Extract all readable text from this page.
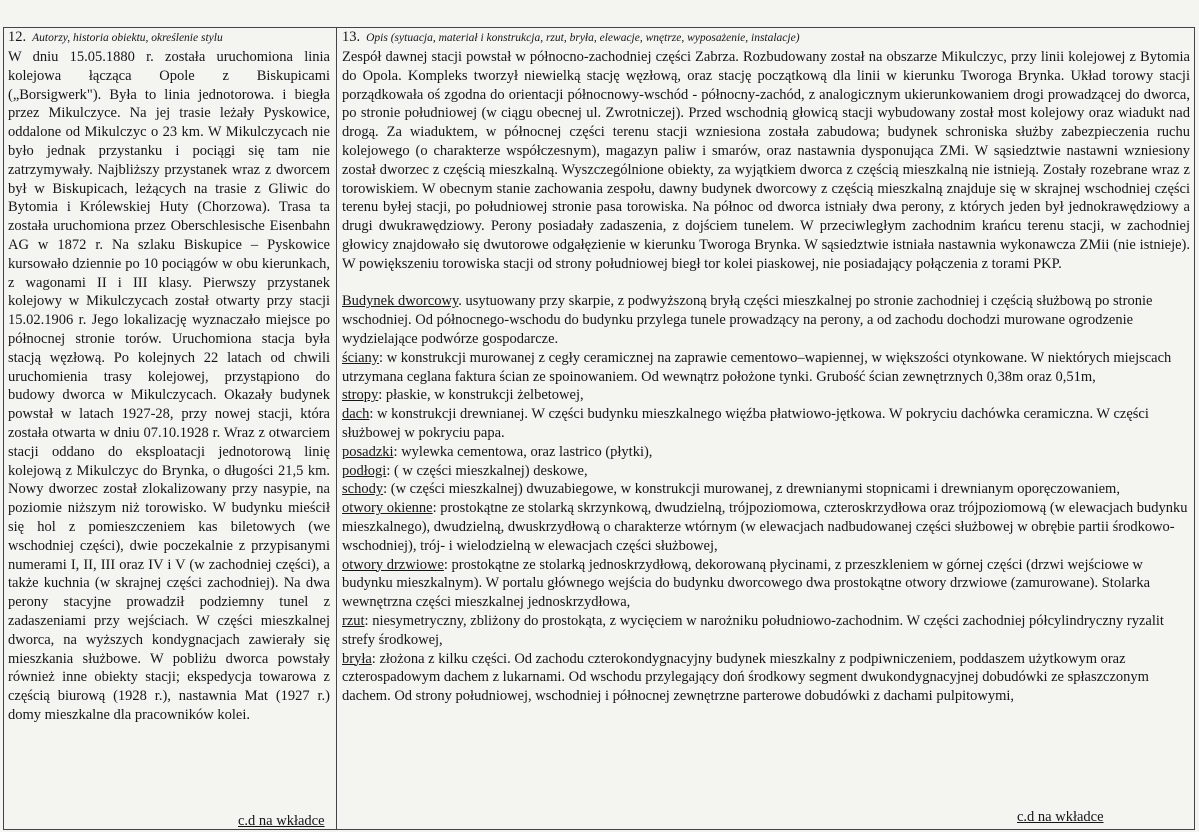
12. Autorzy, historia obiektu, określenie stylu

W dniu 15.05.1880 r. została uruchomiona linia kolejowa łącząca Opole z Biskupicami („Borsigwerk"). Była to linia jednotorowa. i biegła przez Mikulczyce. Na jej trasie leżały Pyskowice, oddalone od Mikulczyc o 23 km. W Mikulczycach nie było jednak przystanku i pociągi się tam nie zatrzymywały. Najbliższy przystanek wraz z dworcem był w Biskupicach, leżących na trasie z Gliwic do Bytomia i Królewskiej Huty (Chorzowa). Trasa ta została uruchomiona przez Oberschlesische Eisenbahn AG w 1872 r. Na szlaku Biskupice – Pyskowice kursowało dziennie po 10 pociągów w obu kierunkach, z wagonami II i III klasy. Pierwszy przystanek kolejowy w Mikulczycach został otwarty przy stacji 15.02.1906 r. Jego lokalizację wyznaczało miejsce po północnej stronie torów. Uruchomiona stacja była stacją węzłową. Po kolejnych 22 latach od chwili uruchomienia trasy kolejowej, przystąpiono do budowy dworca w Mikulczycach. Okazały budynek powstał w latach 1927-28, przy nowej stacji, która została otwarta w dniu 07.10.1928 r. Wraz z otwarciem stacji oddano do eksploatacji jednotorową linię kolejową z Mikulczyc do Brynka, o długości 21,5 km. Nowy dworzec został zlokalizowany przy nasypie, na poziomie niższym niż torowisko. W budynku mieścił się hol z pomieszczeniem kas biletowych (we wschodniej części), dwie poczekalnie z przypisanymi numerami I, II, III oraz IV i V (w zachodniej części), a także kuchnia (w skrajnej części zachodniej). Na dwa perony stacyjne prowadził podziemny tunel z zadaszeniami przy wejściach. W części mieszkalnej dworca, na wyższych kondygnacjach zawierały się mieszkania służbowe. W pobliżu dworca powstały również inne obiekty stacji; ekspedycja towarowa z częścią biurową (1928 r.), nastawnia Mat (1927 r.) domy mieszkalne dla pracowników kolei.

c.d na wkładce
13. Opis (sytuacja, materiał i konstrukcja, rzut, bryła, elewacje, wnętrze, wyposażenie, instalacje)

Zespół dawnej stacji powstał w północno-zachodniej części Zabrza. Rozbudowany został na obszarze Mikulczyc, przy linii kolejowej z Bytomia do Opola. Kompleks tworzył niewielką stację węzłową, oraz stację początkową dla linii w kierunku Tworoga Brynka. Układ torowy stacji porządkowała oś zgodna do orientacji północnowy-wschód - północny-zachód, z analogicznym ukierunkowaniem drogi prowadzącej do dworca, po stronie południowej (w ciągu obecnej ul. Zwrotniczej). Przed wschodnią głowicą stacji wybudowany został most kolejowy oraz wiadukt nad drogą. Za wiaduktem, w północnej części terenu stacji wzniesiona została zabudowa; budynek schroniska służby zabezpieczenia ruchu kolejowego (o charakterze współczesnym), magazyn paliw i smarów, oraz nastawnia dysponująca ZMi. W sąsiedztwie nastawni wzniesiony został dworzec z częścią mieszkalną. Wyszczególnione obiekty, za wyjątkiem dworca z częścią mieszkalną nie istnieją. Zostały rozebrane wraz z torowiskiem. W obecnym stanie zachowania zespołu, dawny budynek dworcowy z częścią mieszkalną znajduje się w skrajnej wschodniej części terenu byłej stacji, po południowej stronie pasa torowiska. Na północ od dworca istniały dwa perony, z których jeden był jednokrawędziowy a drugi dwukrawędziowy. Perony posiadały zadaszenia, z dojściem tunelem. W przeciwległym zachodnim krańcu terenu stacji, w zachodniej głowicy znajdowało się dwutorowe odgałęzienie w kierunku Tworoga Brynka. W sąsiedztwie istniała nastawnia wykonawcza ZMii (nie istnieje). W powiększeniu torowiska stacji od strony południowej biegł tor kolei piaskowej, nie posiadający połączenia z torami PKP.

Budynek dworcowy. usytuowany przy skarpie, z podwyższoną bryłą części mieszkalnej po stronie zachodniej i częścią służbową po stronie wschodniej. Od północnego-wschodu do budynku przylega tunele prowadzący na perony, a od zachodu dochodzi murowane ogrodzenie wydzielające podwórze gospodarcze.

ściany: w konstrukcji murowanej z cegły ceramicznej na zaprawie cementowo–wapiennej, w większości otynkowane. W niektórych miejscach utrzymana ceglana faktura ścian ze spoinowaniem. Od wewnątrz położone tynki. Grubość ścian zewnętrznych 0,38m oraz 0,51m,

stropy: płaskie, w konstrukcji żelbetowej,

dach: w konstrukcji drewnianej. W części budynku mieszkalnego więźba płatwiowo-jętkowa. W pokryciu dachówka ceramiczna. W części służbowej w pokryciu papa.

posadzki: wylewka cementowa, oraz lastrico (płytki),

podłogi: ( w części mieszkalnej) deskowe,

schody: (w części mieszkalnej) dwuzabiegowe, w konstrukcji murowanej, z drewnianymi stopnicami i drewnianym oporęczowaniem,

otwory okienne: prostokątne ze stolarką skrzynkową, dwudzielną, trójpoziomowa, czteroskrzydłowa oraz trójpoziomową (w elewacjach budynku mieszkalnego), dwudzielną, dwuskrzydłową o charakterze wtórnym (w elewacjach nadbudowanej części służbowej w obrębie partii środkowo-wschodniej), trój- i wielodzielną w elewacjach części służbowej,

otwory drzwiowe: prostokątne ze stolarką jednoskrzydłową, dekorowaną płycinami, z przeszkleniem w górnej części (drzwi wejściowe w budynku mieszkalnym). W portalu głównego wejścia do budynku dworcowego dwa prostokątne otwory drzwiowe (zamurowane). Stolarka wewnętrzna części mieszkalnej jednoskrzydłowa,

rzut: niesymetryczny, zbliżony do prostokąta, z wycięciem w narożniku południowo-zachodnim. W części zachodniej półcylindryczny ryzalit strefy środkowej,

bryła: złożona z kilku części. Od zachodu czterokondygnacyjny budynek mieszkalny z podpiwniczeniem, poddaszem użytkowym oraz czterospadowym dachem z lukarnami. Od wschodu przylegający doń środkowy segment dwukondygnacyjnej dobudówki ze spłaszczonym dachem. Od strony południowej, wschodniej i północnej zewnętrzne parterowe dobudówki z dachami pulpitowymi,

c.d na wkładce
